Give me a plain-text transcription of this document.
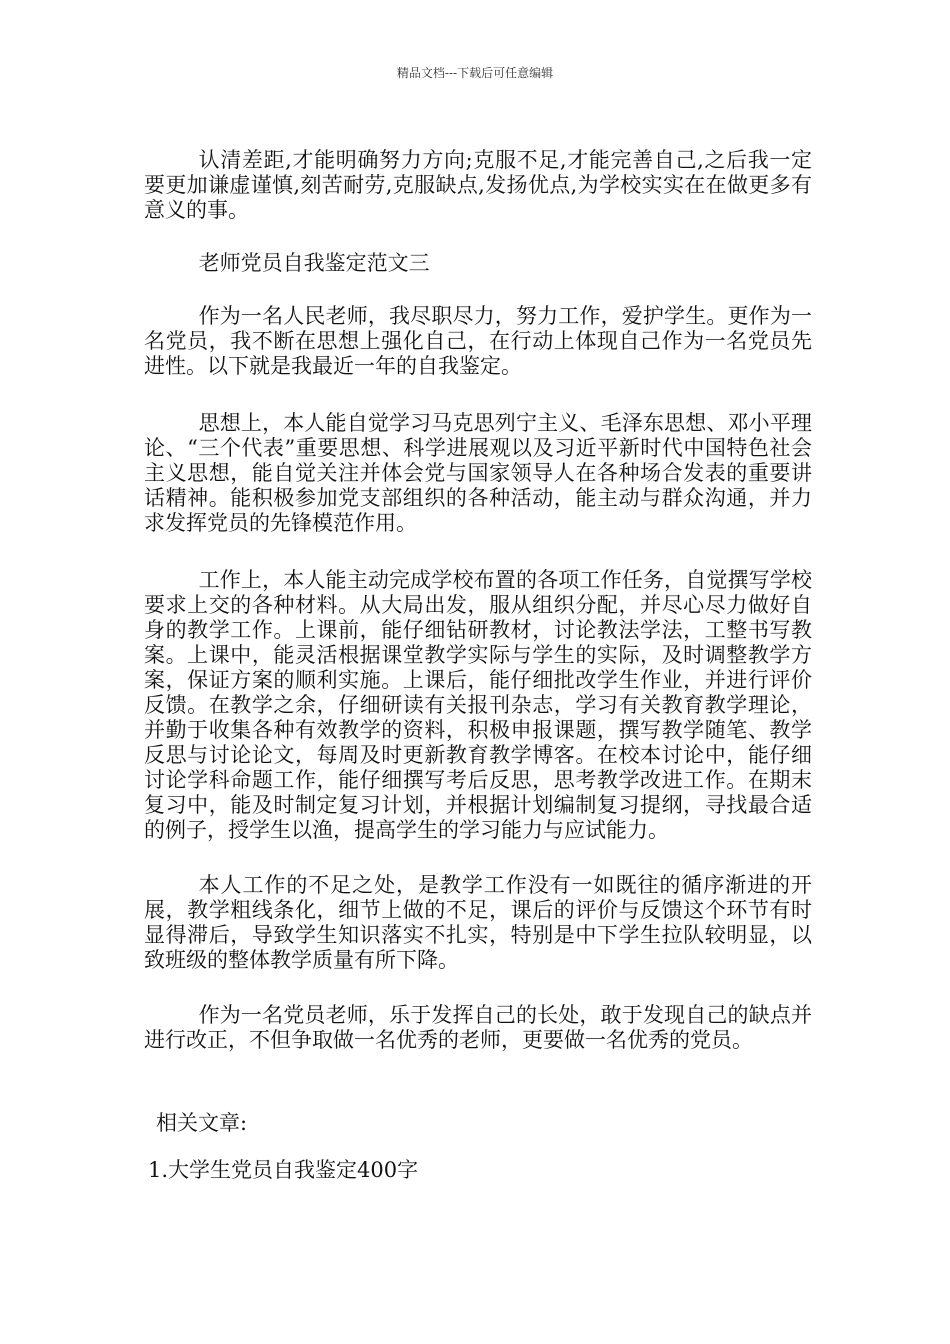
精品文档---下载后可任意编辑

认清差距,才能明确努力方向;克服不足,才能完善自己,之后我一定要更加谦虚谨慎,刻苦耐劳,克服缺点,发扬优点,为学校实实在在做更多有意义的事。

老师党员自我鉴定范文三

作为一名人民老师，我尽职尽力，努力工作，爱护学生。更作为一名党员，我不断在思想上强化自己，在行动上体现自己作为一名党员先进性。以下就是我最近一年的自我鉴定。

思想上，本人能自觉学习马克思列宁主义、毛泽东思想、邓小平理论、“三个代表”重要思想、科学进展观以及习近平新时代中国特色社会主义思想，能自觉关注并体会党与国家领导人在各种场合发表的重要讲话精神。能积极参加党支部组织的各种活动，能主动与群众沟通，并力求发挥党员的先锋模范作用。

工作上，本人能主动完成学校布置的各项工作任务，自觉撰写学校要求上交的各种材料。从大局出发，服从组织分配，并尽心尽力做好自身的教学工作。上课前，能仔细钻研教材，讨论教法学法，工整书写教案。上课中，能灵活根据课堂教学实际与学生的实际，及时调整教学方案，保证方案的顺利实施。上课后，能仔细批改学生作业，并进行评价反馈。在教学之余，仔细研读有关报刊杂志，学习有关教育教学理论，并勤于收集各种有效教学的资料，积极申报课题，撰写教学随笔、教学反思与讨论论文，每周及时更新教育教学博客。在校本讨论中，能仔细讨论学科命题工作，能仔细撰写考后反思，思考教学改进工作。在期末复习中，能及时制定复习计划，并根据计划编制复习提纲，寻找最合适的例子，授学生以渔，提高学生的学习能力与应试能力。

本人工作的不足之处，是教学工作没有一如既往的循序渐进的开展，教学粗线条化，细节上做的不足，课后的评价与反馈这个环节有时显得滞后，导致学生知识落实不扎实，特别是中下学生拉队较明显，以致班级的整体教学质量有所下降。

作为一名党员老师，乐于发挥自己的长处，敢于发现自己的缺点并进行改正，不但争取做一名优秀的老师，更要做一名优秀的党员。

相关文章:

1.大学生党员自我鉴定400字
